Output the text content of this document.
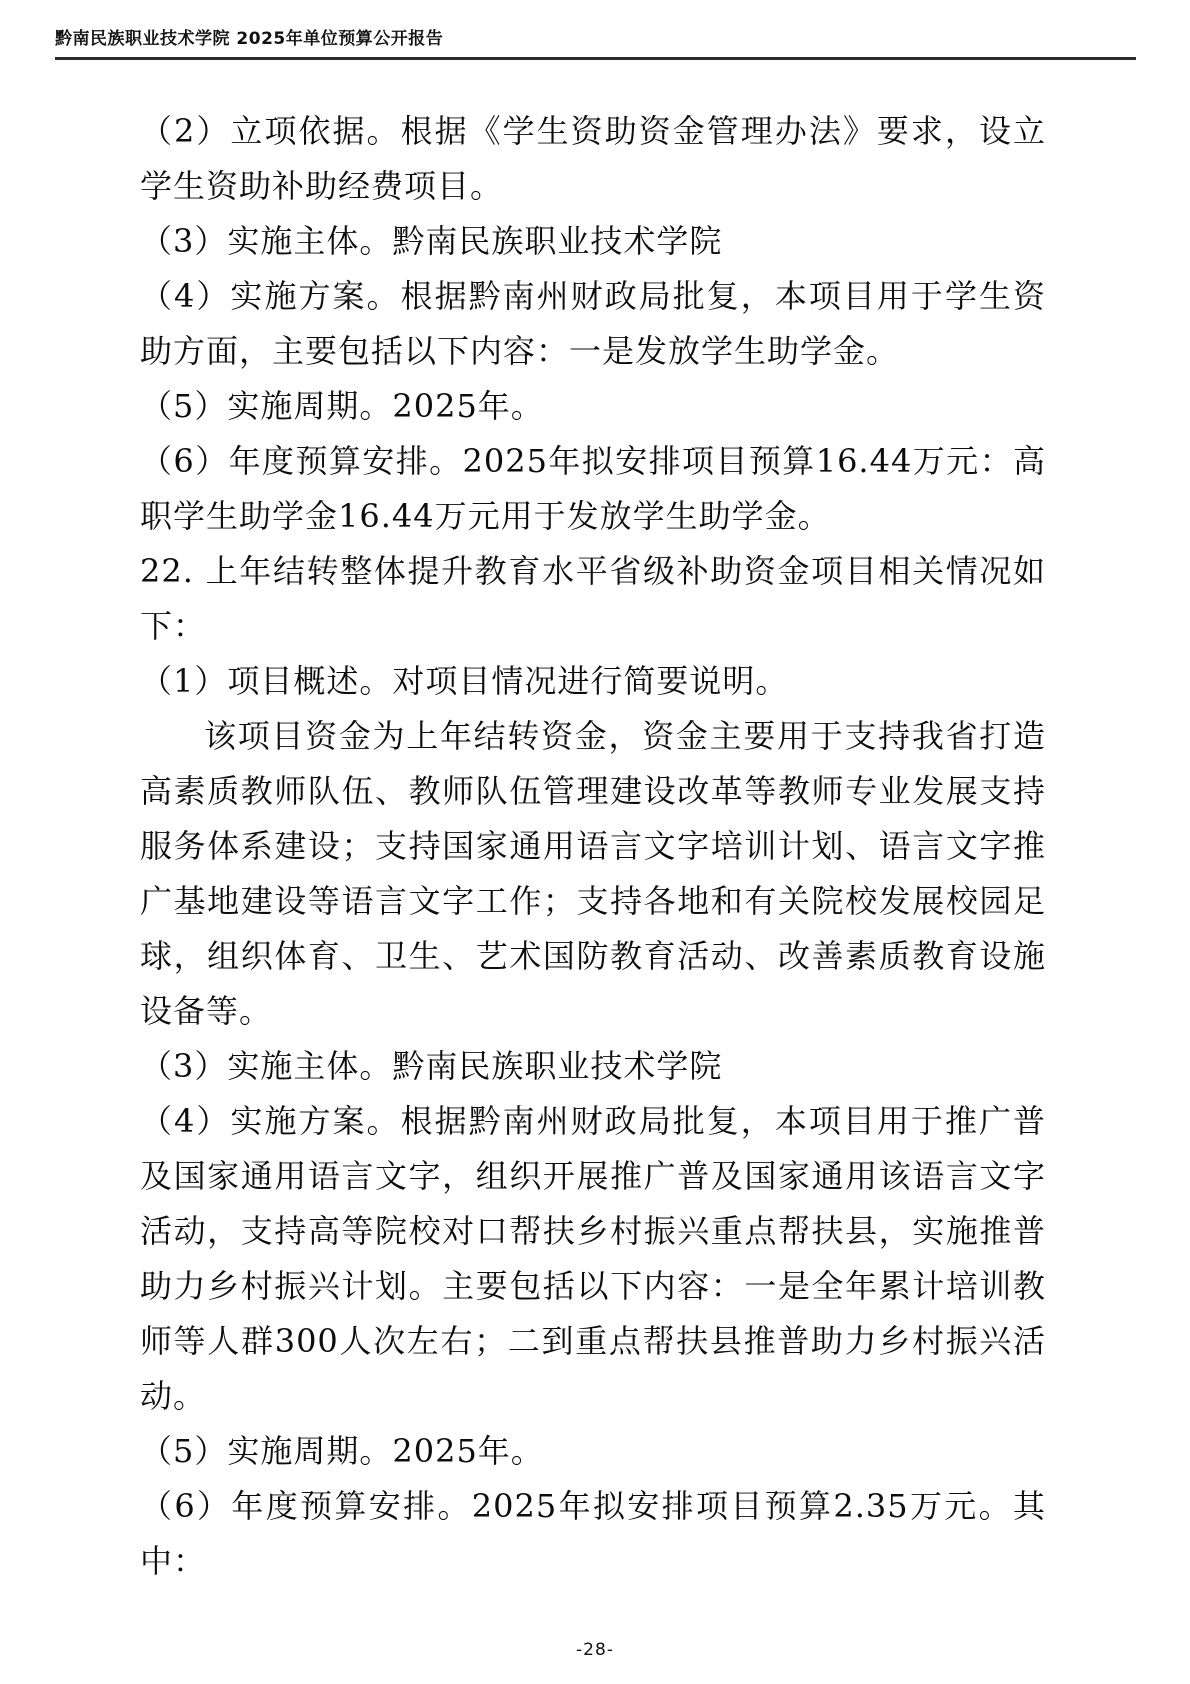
黔南民族职业技术学院 2025年单位预算公开报告

（2）立项依据。根据《学生资助资金管理办法》要求，设立学生资助补助经费项目。

（3）实施主体。黔南民族职业技术学院

（4）实施方案。根据黔南州财政局批复，本项目用于学生资助方面，主要包括以下内容：一是发放学生助学金。

（5）实施周期。2025年。

（6）年度预算安排。2025年拟安排项目预算16.44万元：高职学生助学金16.44万元用于发放学生助学金。

22. 上年结转整体提升教育水平省级补助资金项目相关情况如下：

（1）项目概述。对项目情况进行简要说明。

该项目资金为上年结转资金，资金主要用于支持我省打造高素质教师队伍、教师队伍管理建设改革等教师专业发展支持服务体系建设；支持国家通用语言文字培训计划、语言文字推广基地建设等语言文字工作；支持各地和有关院校发展校园足球，组织体育、卫生、艺术国防教育活动、改善素质教育设施设备等。

（3）实施主体。黔南民族职业技术学院

（4）实施方案。根据黔南州财政局批复，本项目用于推广普及国家通用语言文字，组织开展推广普及国家通用该语言文字活动，支持高等院校对口帮扶乡村振兴重点帮扶县，实施推普助力乡村振兴计划。主要包括以下内容：一是全年累计培训教师等人群300人次左右；二到重点帮扶县推普助力乡村振兴活动。

（5）实施周期。2025年。

（6）年度预算安排。2025年拟安排项目预算2.35万元。其中：

-28-
